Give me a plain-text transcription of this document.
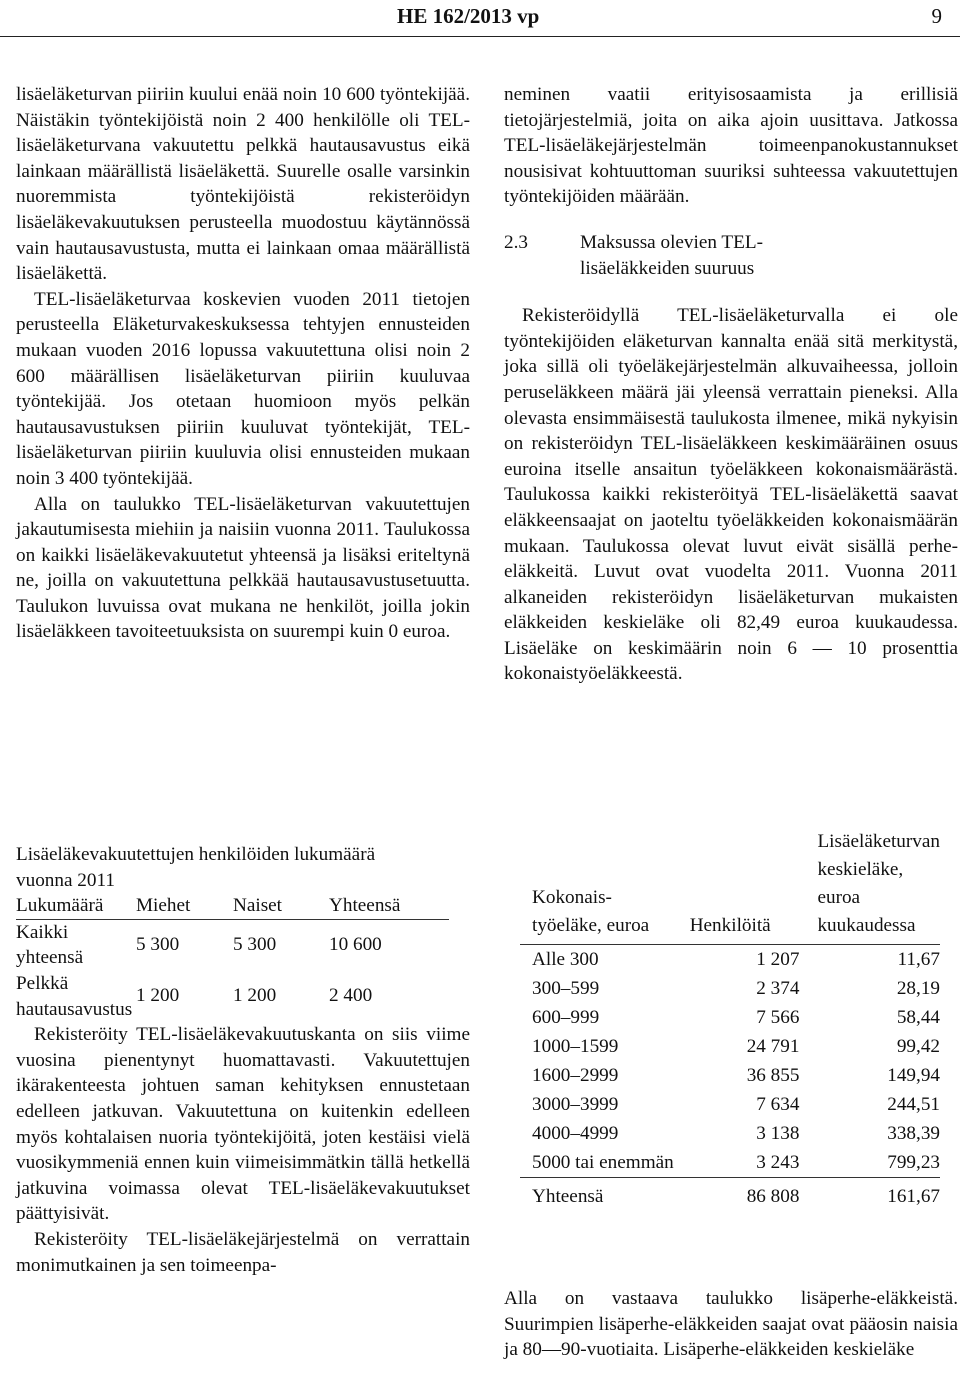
HE 162/2013 vp	9

lisäeläketurvan piiriin kuului enää noin 10 600 työntekijää. Näistäkin työntekijöistä noin 2 400 henkilölle oli TEL-lisäeläketurvana vakuutettu pelkkä hautausavustus eikä lainkaan määrällistä lisäeläkettä. Suurelle osalle varsinkin nuoremmista työntekijöistä rekisteröidyn lisäeläkevakuutuksen perusteella muodostuu käytännössä vain hautausavustusta, mutta ei lainkaan omaa määrällistä lisäeläkettä.

TEL-lisäeläketurvaa koskevien vuoden 2011 tietojen perusteella Eläketurvakeskuksessa tehtyjen ennusteiden mukaan vuoden 2016 lopussa vakuutettuna olisi noin 2 600 määrällisen lisäeläketurvan piiriin kuuluvaa työntekijää. Jos otetaan huomioon myös pelkän hautausavustuksen piiriin kuuluvat työntekijät, TEL-lisäeläketurvan piiriin kuuluvia olisi ennusteiden mukaan noin 3 400 työntekijää.

Alla on taulukko TEL-lisäeläketurvan vakuutettujen jakautumisesta miehiin ja naisiin vuonna 2011. Taulukossa on kaikki lisäeläkevakuutetut yhteensä ja lisäksi eriteltynä ne, joilla on vakuutettuna pelkkää hautausavustusetuutta. Taulukon luvuissa ovat mukana ne henkilöt, joilla jokin lisäeläkkeen tavoiteetuuksista on suurempi kuin 0 euroa.

neminen vaatii erityisosaamista ja erillisiä tietojärjestelmiä, joita on aika ajoin uusittava. Jatkossa TEL-lisäeläkejärjestelmän toimeenpanokustannukset nousisivat kohtuuttoman suuriksi suhteessa vakuutettujen työntekijöiden määrään.

2.3	Maksussa olevien TEL-lisäeläkkeiden suuruus

Rekisteröidyllä TEL-lisäeläketurvalla ei ole työntekijöiden eläketurvan kannalta enää sitä merkitystä, joka sillä oli työeläkejärjestelmän alkuvaiheessa, jolloin peruseläkkeen määrä jäi yleensä verrattain pieneksi. Alla olevasta ensimmäisestä taulukosta ilmenee, mikä nykyisin on rekisteröidyn TEL-lisäeläkkeen keskimääräinen osuus euroina itselle ansaitun työeläkkeen kokonaismäärästä. Taulukossa kaikki rekisteröityä TEL-lisäeläkettä saavat eläkkeensaajat on jaoteltu työeläkkeiden kokonaismäärän mukaan. Taulukossa olevat luvut eivät sisällä perhe-eläkkeitä. Luvut ovat vuodelta 2011. Vuonna 2011 alkaneiden rekisteröidyn lisäeläketurvan mukaisten eläkkeiden keskieläke oli 82,49 euroa kuukaudessa. Lisäeläke on keskimäärin noin 6 — 10 prosenttia kokonaistyöeläkkeestä.

Lisäeläkevakuutettujen henkilöiden lukumäärä vuonna 2011

Lukumäärä	Miehet	Naiset	Yhteensä
Kaikki yhteensä	5 300	5 300	10 600
Pelkkä hautausavustus	1 200	1 200	2 400

Rekisteröity TEL-lisäeläkevakuutuskanta on siis viime vuosina pienentynyt huomattavasti. Vakuutettujen ikärakenteesta johtuen saman kehityksen ennustetaan edelleen jatkuvan. Vakuutettuna on kuitenkin edelleen myös kohtalaisen nuoria työntekijöitä, joten kestäisi vielä vuosikymmeniä ennen kuin viimeisimmätkin tällä hetkellä jatkuvina voimassa olevat TEL-lisäeläkevakuutukset päättyisivät.

Rekisteröity TEL-lisäeläkejärjestelmä on verrattain monimutkainen ja sen toimeenpa-

Kokonais- työeläke, euroa	Henkilöitä	Lisäeläketurvan keskieläke, euroa kuukaudessa
Alle 300	1 207	11,67
300–599	2 374	28,19
600–999	7 566	58,44
1000–1599	24 791	99,42
1600–2999	36 855	149,94
3000–3999	7 634	244,51
4000–4999	3 138	338,39
5000 tai enemmän	3 243	799,23
Yhteensä	86 808	161,67
Alla on vastaava taulukko lisäperhe-eläkkeistä. Suurimpien lisäperhe-eläkkeiden saajat ovat pääosin naisia ja 80—90-vuotiaita. Lisäperhe-eläkkeiden keskieläke
